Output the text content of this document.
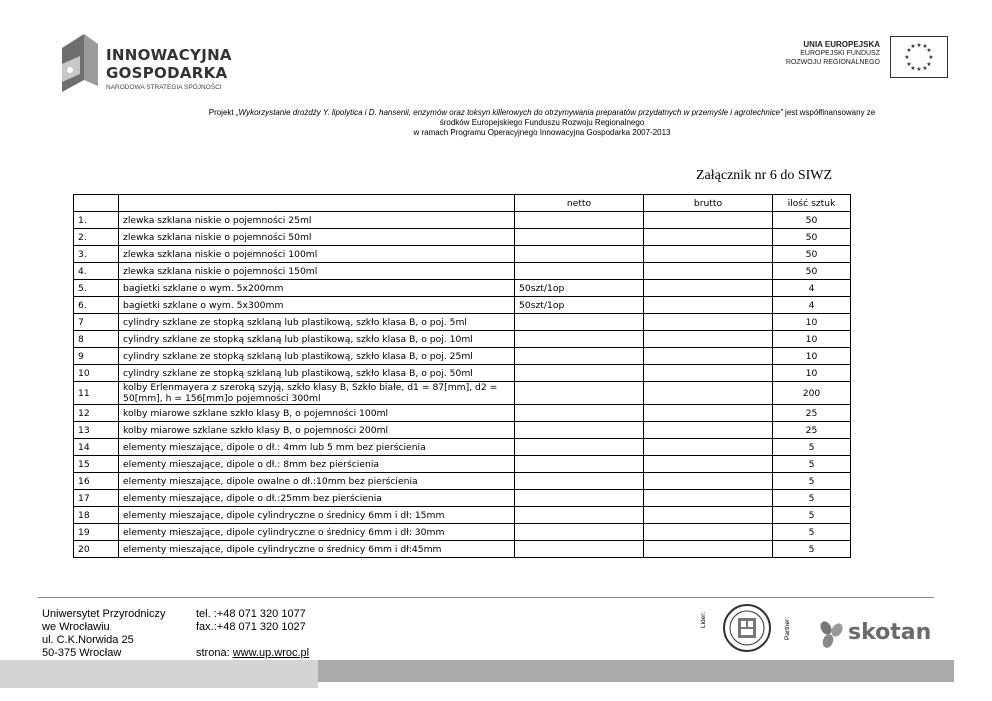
INNOWACYJNA
GOSPODARKA
NARODOWA STRATEGIA SPÓJNOŚCI
UNIA EUROPEJSKA
EUROPEJSKI FUNDUSZ
ROZWOJU REGIONALNEGO
★ ★
★
★
★
★
★
★
★
★
★
★
Projekt „Wykorzystanie drożdży Y. lipolytica i D. hansenii, enzymów oraz toksyn killerowych do otrzymywania preparatów przydatnych w przemyśle i agrotechnice” jest współfinansowany ze
środków Europejskiego Funduszu Rozwoju Regionalnego
w ramach Programu Operacyjnego Innowacyjna Gospodarka 2007-2013
Załącznik nr 6 do SIWZ
		netto	brutto	ilość sztuk
1.	zlewka szklana niskie o pojemności 25ml			50
2.	zlewka szklana niskie o pojemności 50ml			50
3.	zlewka szklana niskie o pojemności 100ml			50
4.	zlewka szklana niskie o pojemności 150ml			50
5.	bagietki szklane o wym. 5x200mm	50szt/1op		4
6.	bagietki szklane o wym. 5x300mm	50szt/1op		4
7	cylindry szklane ze stopką szklaną lub plastikową, szkło klasa B, o poj. 5ml			10
8	cylindry szklane ze stopką szklaną lub plastikową, szkło klasa B, o poj. 10ml			10
9	cylindry szklane ze stopką szklaną lub plastikową, szkło klasa B, o poj. 25ml			10
10	cylindry szklane ze stopką szklaną lub plastikową, szkło klasa B, o poj. 50ml			10
11	kolby Erlenmayera z szeroką szyją, szkło klasy B, Szkło białe, d1 = 87[mm], d2 = 50[mm], h = 156[mm]o pojemności 300ml			200
12	kolby miarowe szklane szkło klasy B, o pojemności 100ml			25
13	kolby miarowe szklane szkło klasy B, o pojemności 200ml			25
14	elementy mieszające, dipole o dł.: 4mm lub 5 mm bez pierścienia			5
15	elementy mieszające, dipole o dł.: 8mm bez pierścienia			5
16	elementy mieszające, dipole owalne o dł.:10mm bez pierścienia			5
17	elementy mieszające, dipole o dł.:25mm bez pierścienia			5
18	elementy mieszające, dipole cylindryczne o średnicy 6mm i dł: 15mm			5
19	elementy mieszające, dipole cylindryczne o średnicy 6mm i dł: 30mm			5
20	elementy mieszające, dipole cylindryczne o średnicy 6mm i dł:45mm			5
Uniwersytet Przyrodniczy
we Wrocławiu
ul. C.K.Norwida 25
50-375 Wrocław
tel. :+48 071 320 1077
fax.:+48 071 320 1027
strona: www.up.wroc.pl
Lider:	Partner:	skotan
